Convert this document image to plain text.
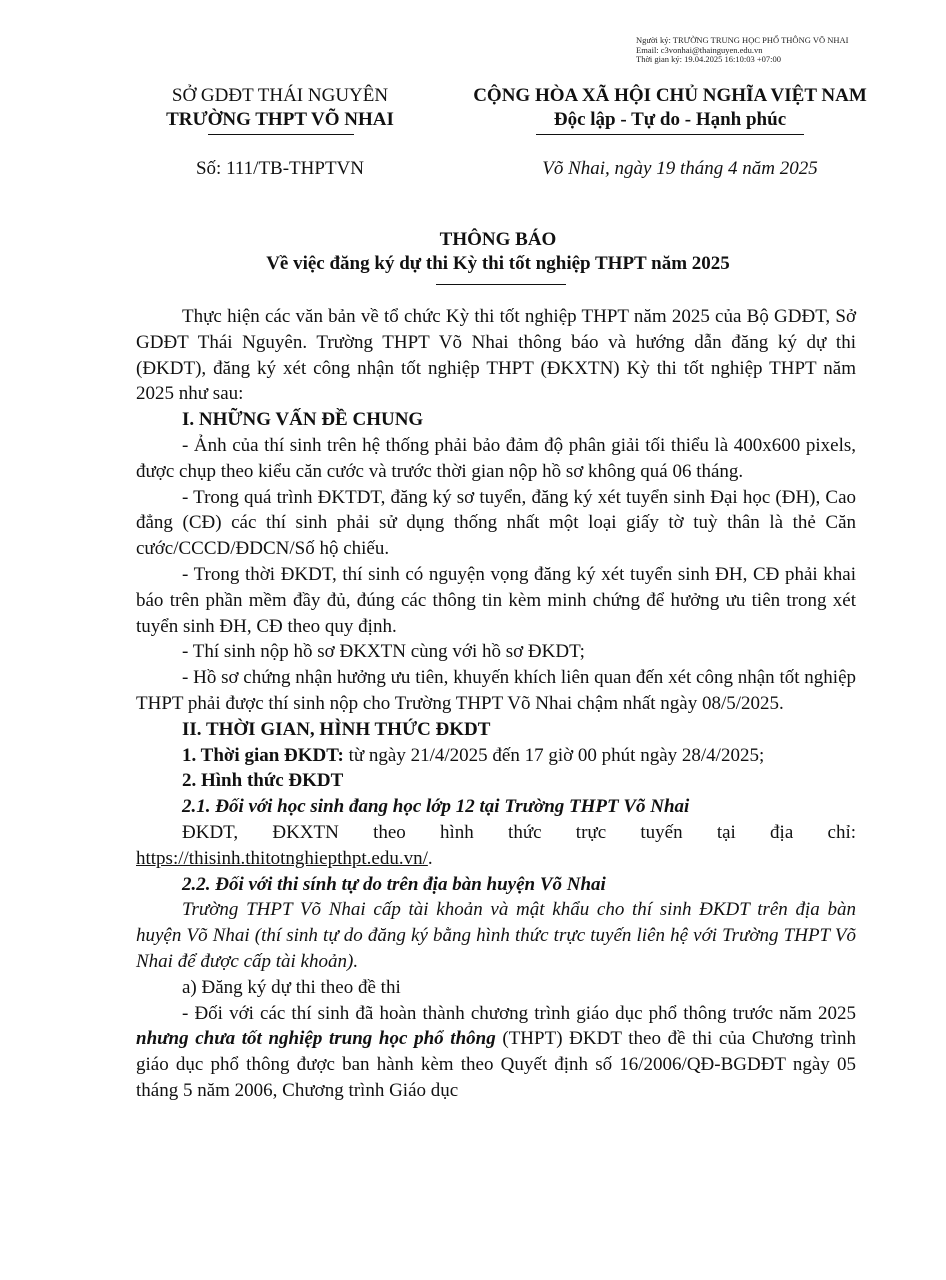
Người ký: TRƯỜNG TRUNG HỌC PHỔ THÔNG VÕ NHAI
Email: c3vonhai@thainguyen.edu.vn
Thời gian ký: 19.04.2025 16:10:03 +07:00
SỞ GDĐT THÁI NGUYÊN
TRƯỜNG THPT VÕ NHAI
CỘNG HÒA XÃ HỘI CHỦ NGHĨA VIỆT NAM
Độc lập - Tự do - Hạnh phúc
Số: 111/TB-THPTVN	Võ Nhai, ngày 19 tháng 4 năm 2025
THÔNG BÁO
Về việc đăng ký dự thi Kỳ thi tốt nghiệp THPT năm 2025

Thực hiện các văn bản về tổ chức Kỳ thi tốt nghiệp THPT năm 2025 của Bộ GDĐT, Sở GDĐT Thái Nguyên. Trường THPT Võ Nhai thông báo và hướng dẫn đăng ký dự thi (ĐKDT), đăng ký xét công nhận tốt nghiệp THPT (ĐKXTN) Kỳ thi tốt nghiệp THPT năm 2025 như sau:

I. NHỮNG VẤN ĐỀ CHUNG

- Ảnh của thí sinh trên hệ thống phải bảo đảm độ phân giải tối thiểu là 400x600 pixels, được chụp theo kiểu căn cước và trước thời gian nộp hồ sơ không quá 06 tháng.

- Trong quá trình ĐKTDT, đăng ký sơ tuyển, đăng ký xét tuyển sinh Đại học (ĐH), Cao đẳng (CĐ) các thí sinh phải sử dụng thống nhất một loại giấy tờ tuỳ thân là thẻ Căn cước/CCCD/ĐDCN/Số hộ chiếu.

- Trong thời ĐKDT, thí sinh có nguyện vọng đăng ký xét tuyển sinh ĐH, CĐ phải khai báo trên phần mềm đầy đủ, đúng các thông tin kèm minh chứng để hưởng ưu tiên trong xét tuyển sinh ĐH, CĐ theo quy định.

- Thí sinh nộp hồ sơ ĐKXTN cùng với hồ sơ ĐKDT;

- Hồ sơ chứng nhận hưởng ưu tiên, khuyến khích liên quan đến xét công nhận tốt nghiệp THPT phải được thí sinh nộp cho Trường THPT Võ Nhai chậm nhất ngày 08/5/2025.

II. THỜI GIAN, HÌNH THỨC ĐKDT

1. Thời gian ĐKDT: từ ngày 21/4/2025 đến 17 giờ 00 phút ngày 28/4/2025;

2. Hình thức ĐKDT

2.1. Đối với học sinh đang học lớp 12 tại Trường THPT Võ Nhai

ĐKDT, ĐKXTN theo hình thức trực tuyến tại địa chỉ: https://thisinh.thitotnghiepthpt.edu.vn/.

2.2. Đối với thi sính tự do trên địa bàn huyện Võ Nhai

Trường THPT Võ Nhai cấp tài khoản và mật khẩu cho thí sinh ĐKDT trên địa bàn huyện Võ Nhai (thí sinh tự do đăng ký bằng hình thức trực tuyến liên hệ với Trường THPT Võ Nhai để được cấp tài khoản).

a) Đăng ký dự thi theo đề thi

- Đối với các thí sinh đã hoàn thành chương trình giáo dục phổ thông trước năm 2025 nhưng chưa tốt nghiệp trung học phổ thông (THPT) ĐKDT theo đề thi của Chương trình giáo dục phổ thông được ban hành kèm theo Quyết định số 16/2006/QĐ-BGDĐT ngày 05 tháng 5 năm 2006, Chương trình Giáo dục
